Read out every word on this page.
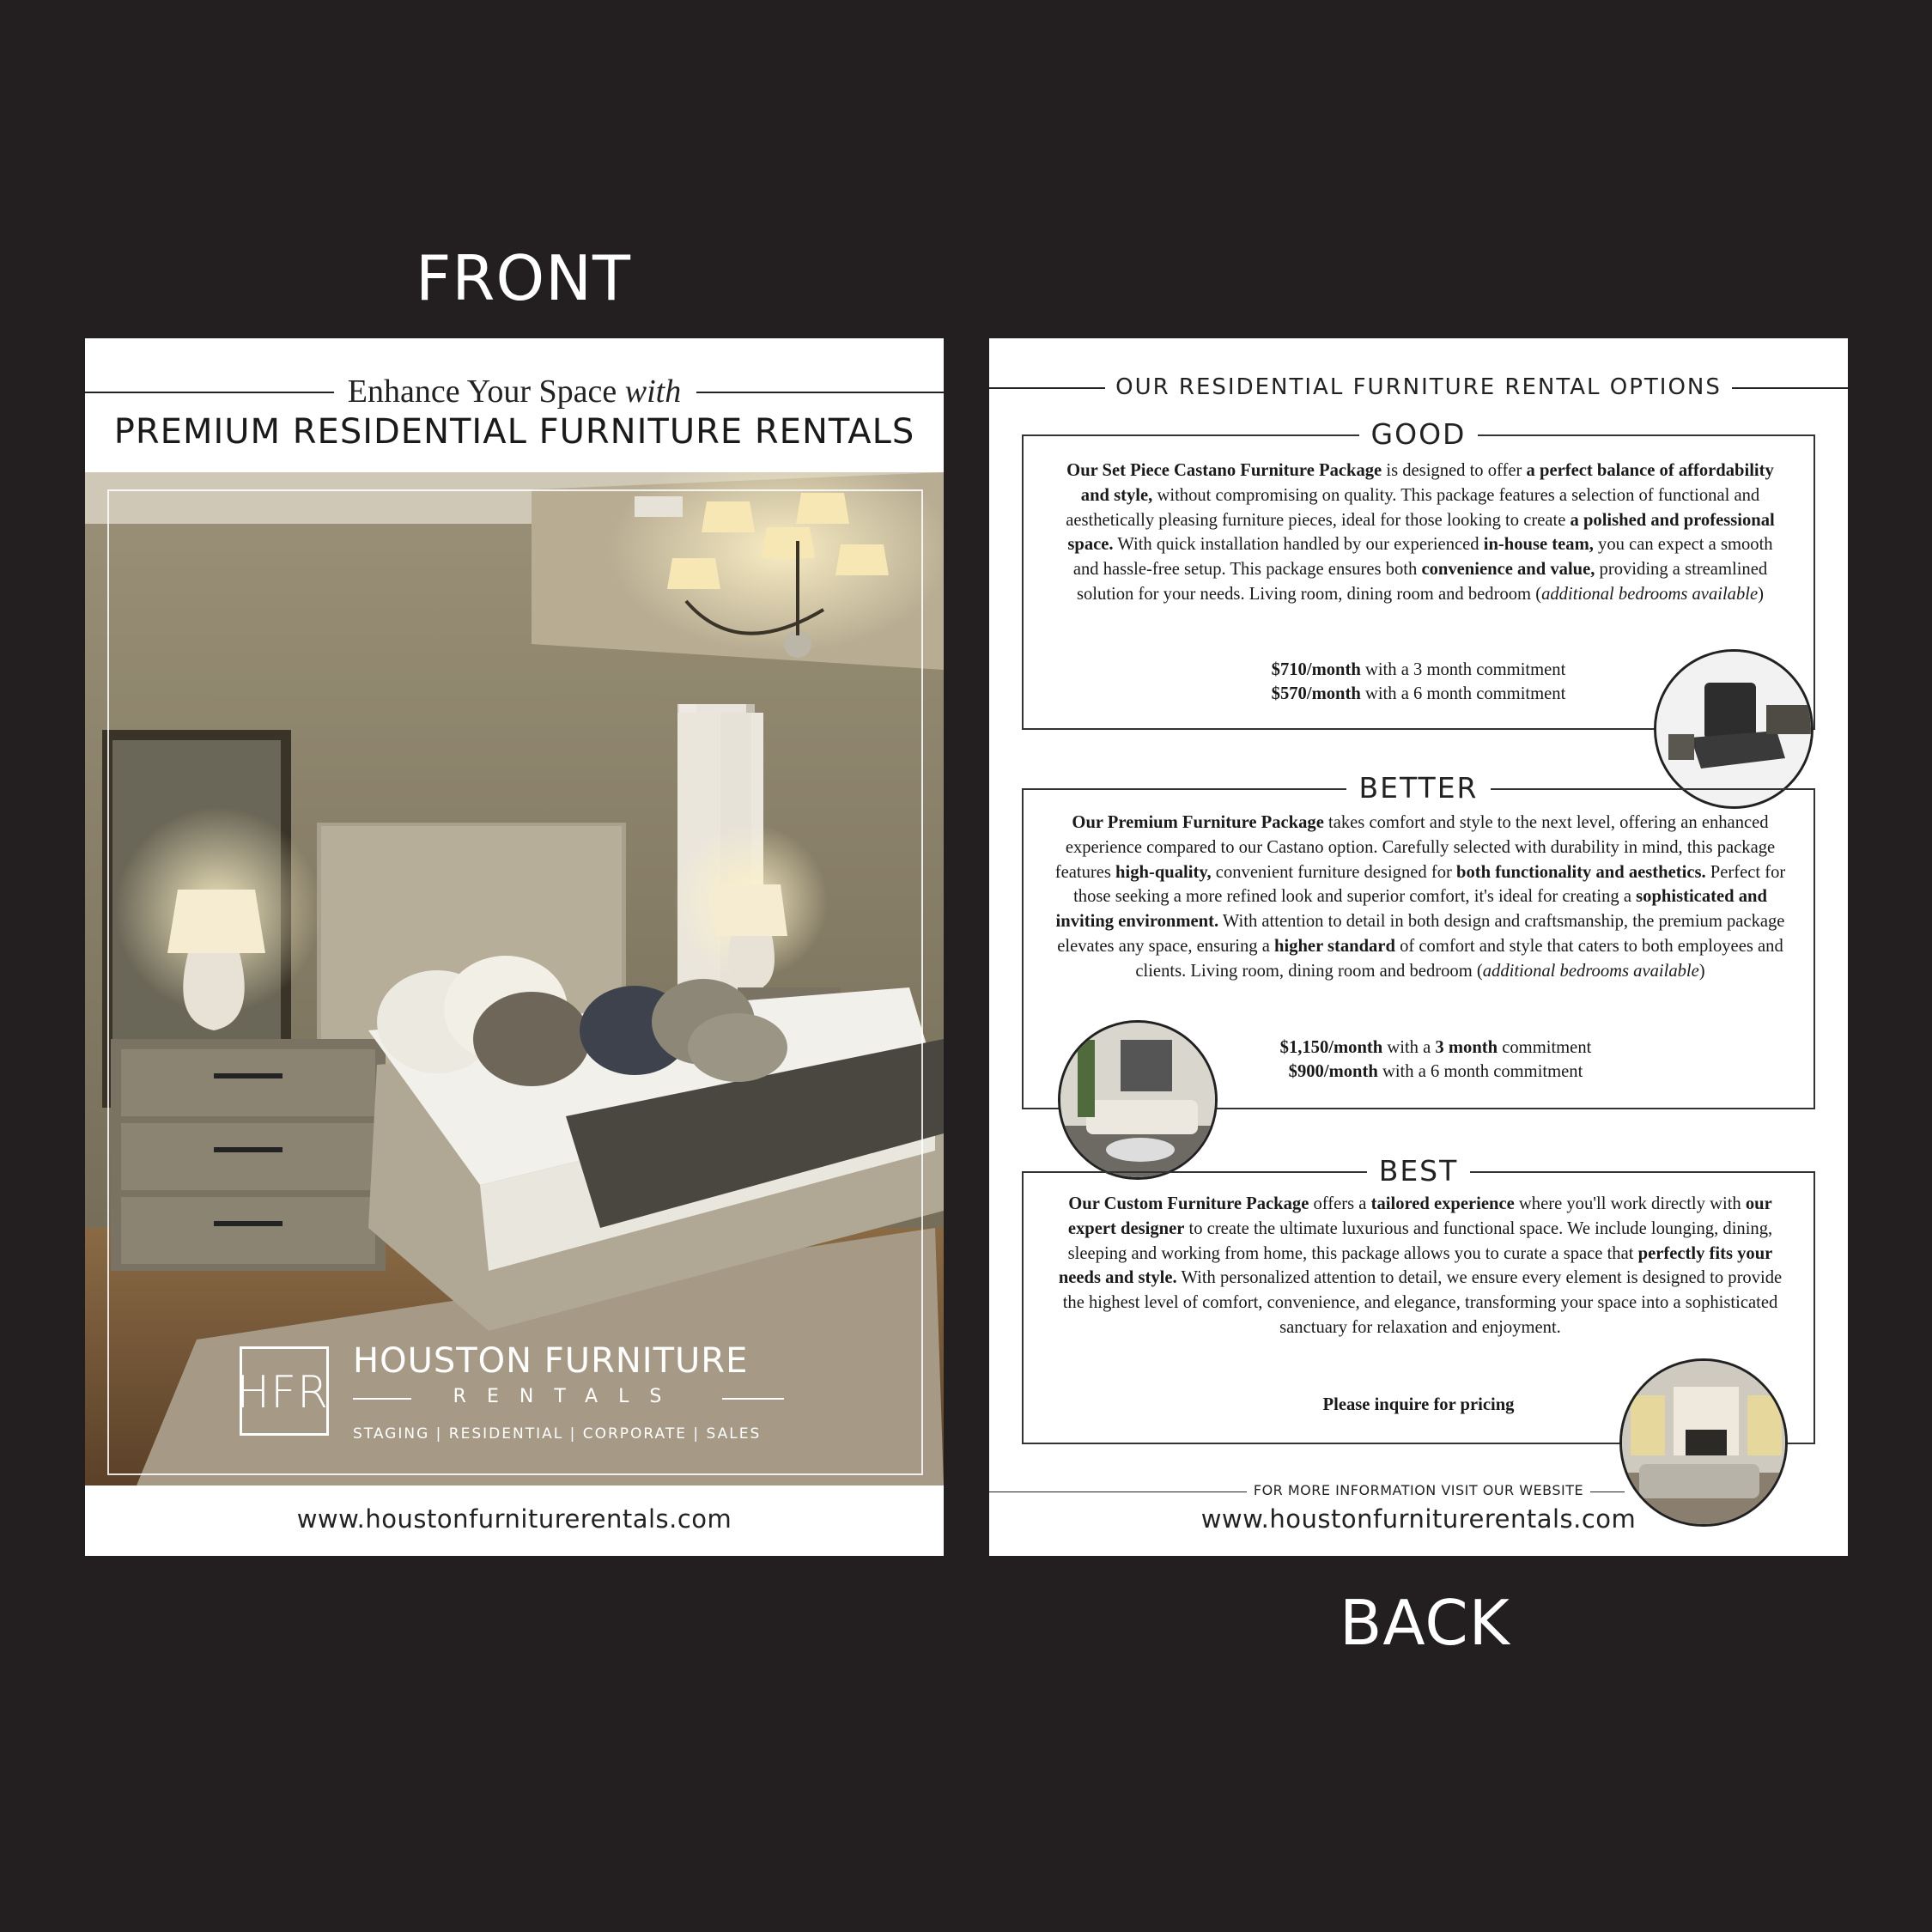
FRONT
BACK
Enhance Your Space with
PREMIUM RESIDENTIAL FURNITURE RENTALS
HFR
HOUSTON FURNITURE
RENTALS
STAGING | RESIDENTIAL | CORPORATE | SALES
www.houstonfurniturerentals.com
OUR RESIDENTIAL FURNITURE RENTAL OPTIONS
GOOD
Our Set Piece Castano Furniture Package is designed to offer a perfect balance of affordability and style, without compromising on quality. This package features a selection of functional and aesthetically pleasing furniture pieces, ideal for those looking to create a polished and professional space. With quick installation handled by our experienced in-house team, you can expect a smooth and hassle-free setup. This package ensures both convenience and value, providing a streamlined solution for your needs. Living room, dining room and bedroom (additional bedrooms available)
$710/month with a 3 month commitment
$570/month with a 6 month commitment
BETTER
Our Premium Furniture Package takes comfort and style to the next level, offering an enhanced experience compared to our Castano option. Carefully selected with durability in mind, this package features high-quality, convenient furniture designed for both functionality and aesthetics. Perfect for those seeking a more refined look and superior comfort, it's ideal for creating a sophisticated and inviting environment. With attention to detail in both design and craftsmanship, the premium package elevates any space, ensuring a higher standard of comfort and style that caters to both employees and clients. Living room, dining room and bedroom (additional bedrooms available)
$1,150/month with a 3 month commitment
$900/month with a 6 month commitment
BEST
Our Custom Furniture Package offers a tailored experience where you'll work directly with our expert designer to create the ultimate luxurious and functional space. We include lounging, dining, sleeping and working from home, this package allows you to curate a space that perfectly fits your needs and style. With personalized attention to detail, we ensure every element is designed to provide the highest level of comfort, convenience, and elegance, transforming your space into a sophisticated sanctuary for relaxation and enjoyment.
Please inquire for pricing
FOR MORE INFORMATION VISIT OUR WEBSITE
www.houstonfurniturerentals.com
